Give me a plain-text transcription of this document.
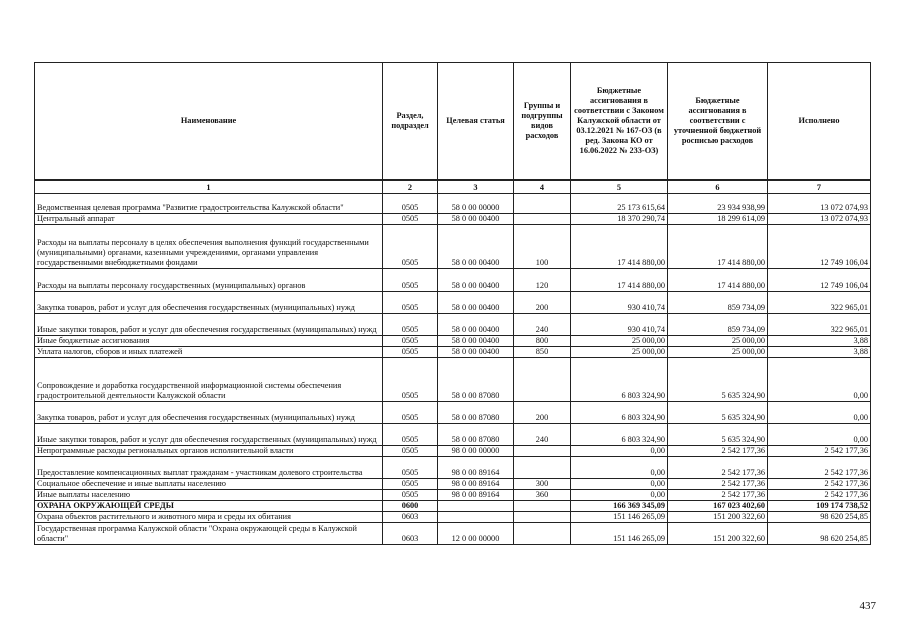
Наименование	Раздел, подраздел	Целевая статья	Группы и подгруппы видов расходов	Бюджетные ассигнования в соответствии с Законом Калужской области от 03.12.2021 № 167-ОЗ (в ред. Закона КО от 16.06.2022 № 233-ОЗ)	Бюджетные ассигнования в соответствии с уточненной бюджетной росписью расходов	Исполнено
1	2	3	4	5	6	7
Ведомственная целевая программа "Развитие градостроительства Калужской области"	0505	58 0 00 00000		25 173 615,64	23 934 938,99	13 072 074,93
Центральный аппарат	0505	58 0 00 00400		18 370 290,74	18 299 614,09	13 072 074,93
Расходы на выплаты персоналу в целях обеспечения выполнения функций государственными (муниципальными) органами, казенными учреждениями, органами управления государственными внебюджетными фондами	0505	58 0 00 00400	100	17 414 880,00	17 414 880,00	12 749 106,04
Расходы на выплаты персоналу государственных (муниципальных) органов	0505	58 0 00 00400	120	17 414 880,00	17 414 880,00	12 749 106,04
Закупка товаров, работ и услуг для обеспечения государственных (муниципальных) нужд	0505	58 0 00 00400	200	930 410,74	859 734,09	322 965,01
Иные закупки товаров, работ и услуг для обеспечения государственных (муниципальных) нужд	0505	58 0 00 00400	240	930 410,74	859 734,09	322 965,01
Иные бюджетные ассигнования	0505	58 0 00 00400	800	25 000,00	25 000,00	3,88
Уплата налогов, сборов и иных платежей	0505	58 0 00 00400	850	25 000,00	25 000,00	3,88
Сопровождение и доработка государственной информационной системы обеспечения градостроительной деятельности Калужской области	0505	58 0 00 87080		6 803 324,90	5 635 324,90	0,00
Закупка товаров, работ и услуг для обеспечения государственных (муниципальных) нужд	0505	58 0 00 87080	200	6 803 324,90	5 635 324,90	0,00
Иные закупки товаров, работ и услуг для обеспечения государственных (муниципальных) нужд	0505	58 0 00 87080	240	6 803 324,90	5 635 324,90	0,00
Непрограммные расходы региональных органов исполнительной власти	0505	98 0 00 00000		0,00	2 542 177,36	2 542 177,36
Предоставление компенсационных выплат гражданам - участникам долевого строительства	0505	98 0 00 89164		0,00	2 542 177,36	2 542 177,36
Социальное обеспечение и иные выплаты населению	0505	98 0 00 89164	300	0,00	2 542 177,36	2 542 177,36
Иные выплаты населению	0505	98 0 00 89164	360	0,00	2 542 177,36	2 542 177,36
ОХРАНА ОКРУЖАЮЩЕЙ СРЕДЫ	0600			166 369 345,09	167 023 402,60	109 174 738,52
Охрана объектов растительного и животного мира и среды их обитания	0603			151 146 265,09	151 200 322,60	98 620 254,85
Государственная программа Калужской области "Охрана окружающей среды в Калужской области"	0603	12 0 00 00000		151 146 265,09	151 200 322,60	98 620 254,85
437
